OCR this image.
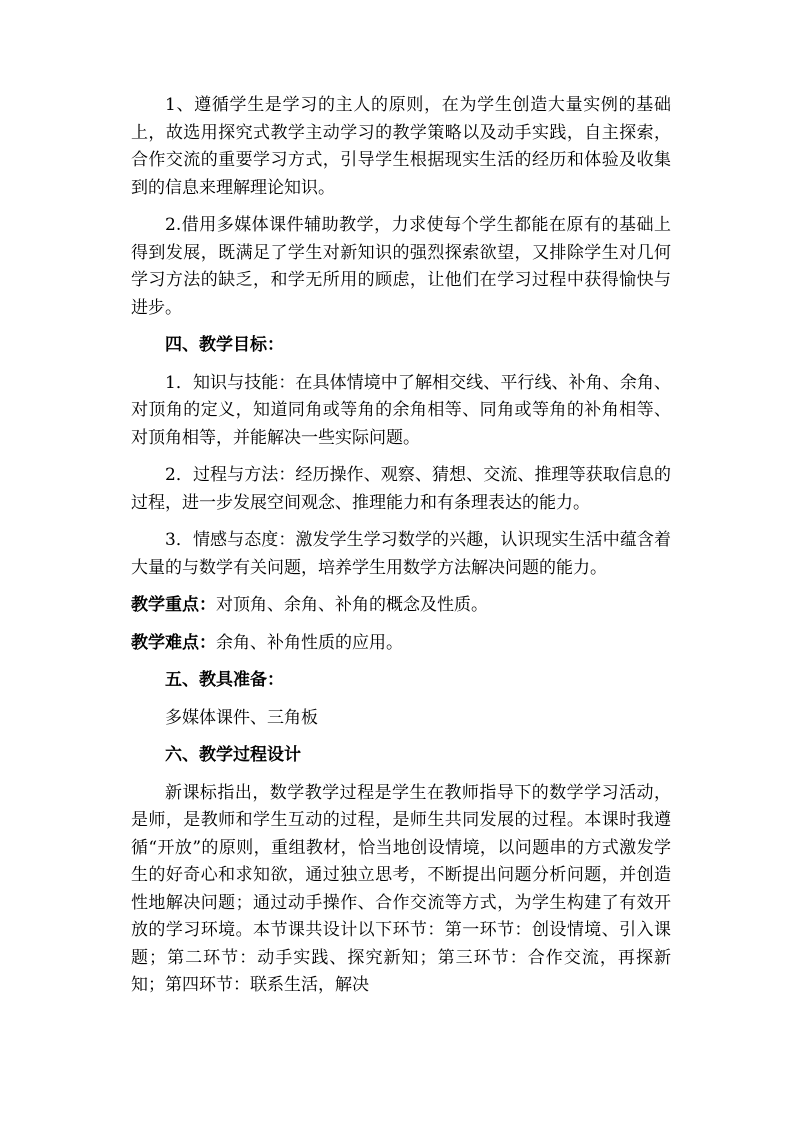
1、遵循学生是学习的主人的原则，在为学生创造大量实例的基础上，故选用探究式教学主动学习的教学策略以及动手实践，自主探索，合作交流的重要学习方式，引导学生根据现实生活的经历和体验及收集到的信息来理解理论知识。

2.借用多媒体课件辅助教学，力求使每个学生都能在原有的基础上得到发展，既满足了学生对新知识的强烈探索欲望，又排除学生对几何学习方法的缺乏，和学无所用的顾虑，让他们在学习过程中获得愉快与进步。

四、教学目标：

1．知识与技能：在具体情境中了解相交线、平行线、补角、余角、对顶角的定义，知道同角或等角的余角相等、同角或等角的补角相等、对顶角相等，并能解决一些实际问题。

2．过程与方法：经历操作、观察、猜想、交流、推理等获取信息的过程，进一步发展空间观念、推理能力和有条理表达的能力。

3．情感与态度：激发学生学习数学的兴趣，认识现实生活中蕴含着大量的与数学有关问题，培养学生用数学方法解决问题的能力。

教学重点：对顶角、余角、补角的概念及性质。

教学难点：余角、补角性质的应用。

五、教具准备：

多媒体课件、三角板

六、教学过程设计

新课标指出，数学教学过程是学生在教师指导下的数学学习活动，是师，是教师和学生互动的过程，是师生共同发展的过程。本课时我遵循“开放”的原则，重组教材，恰当地创设情境，以问题串的方式激发学生的好奇心和求知欲，通过独立思考，不断提出问题分析问题，并创造性地解决问题；通过动手操作、合作交流等方式，为学生构建了有效开放的学习环境。本节课共设计以下环节：第一环节：创设情境、引入课题；第二环节：动手实践、探究新知；第三环节：合作交流，再探新知；第四环节：联系生活，解决
